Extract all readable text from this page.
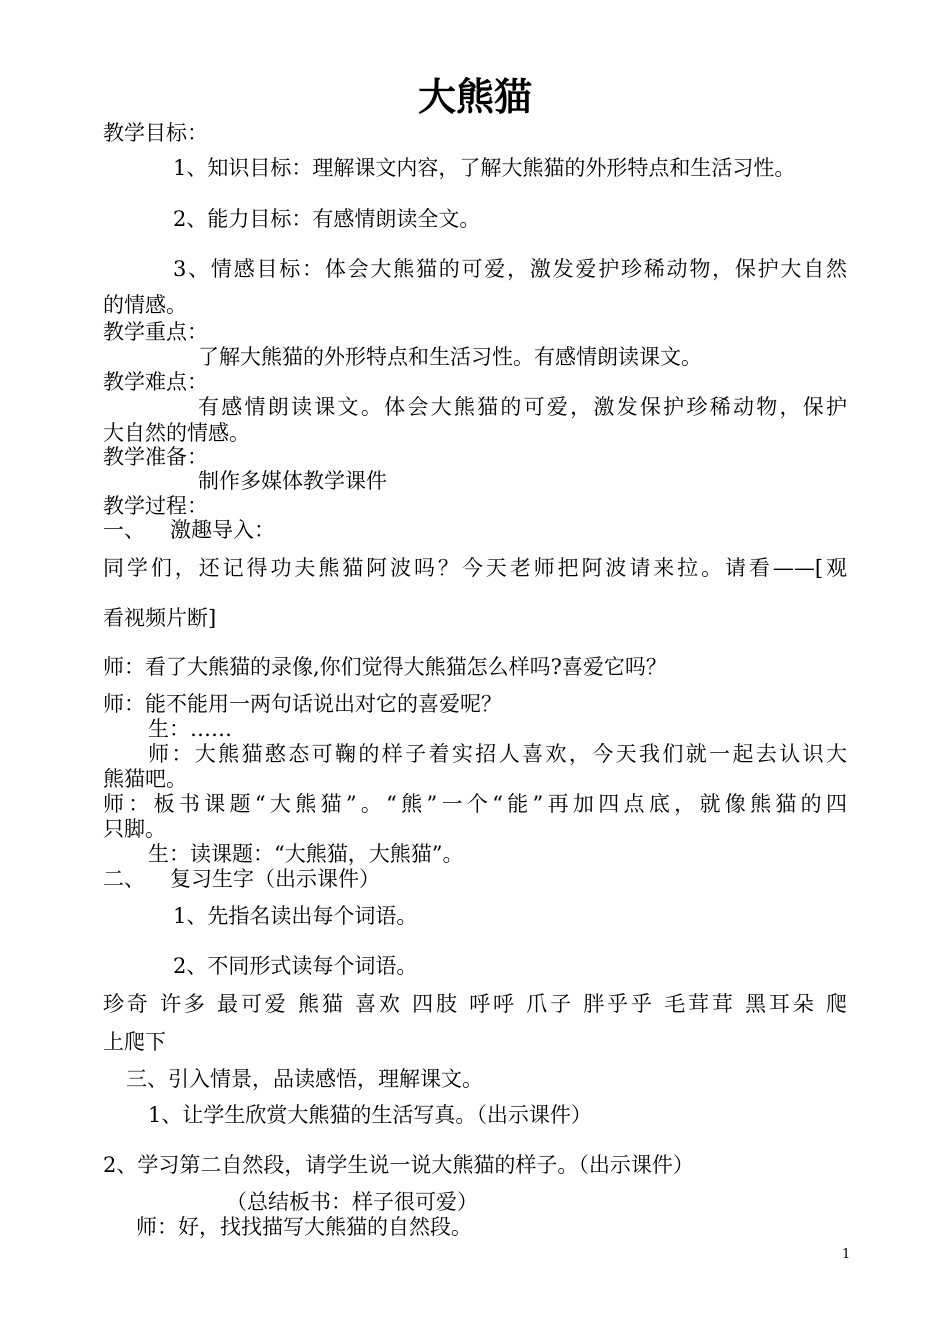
大熊猫
教学目标：
1、知识目标：理解课文内容，了解大熊猫的外形特点和生活习性。
2、能力目标：有感情朗读全文。
3、情感目标：体会大熊猫的可爱，激发爱护珍稀动物，保护大自然
的情感。
教学重点：
了解大熊猫的外形特点和生活习性。有感情朗读课文。
教学难点：
有感情朗读课文。体会大熊猫的可爱，激发保护珍稀动物，保护
大自然的情感。
教学准备：
制作多媒体教学课件
教学过程：
一、 激趣导入：
同学们，还记得功夫熊猫阿波吗？今天老师把阿波请来拉。请看——[观
看视频片断]
师：看了大熊猫的录像,你们觉得大熊猫怎么样吗?喜爱它吗？
师：能不能用一两句话说出对它的喜爱呢？
生：……
师：大熊猫憨态可鞠的样子着实招人喜欢，今天我们就一起去认识大
熊猫吧。
师：板书课题“大熊猫”。“熊”一个“能”再加四点底，就像熊猫的四
只脚。
生：读课题：“大熊猫，大熊猫”。
二、 复习生字（出示课件）
1、先指名读出每个词语。
2、不同形式读每个词语。
珍奇 许多 最可爱 熊猫 喜欢 四肢 呼呼 爪子 胖乎乎 毛茸茸 黑耳朵 爬
上爬下
三、引入情景，品读感悟，理解课文。
1、让学生欣赏大熊猫的生活写真。（出示课件）
2、学习第二自然段，请学生说一说大熊猫的样子。（出示课件）
（总结板书：样子很可爱）
师：好，找找描写大熊猫的自然段。
1
